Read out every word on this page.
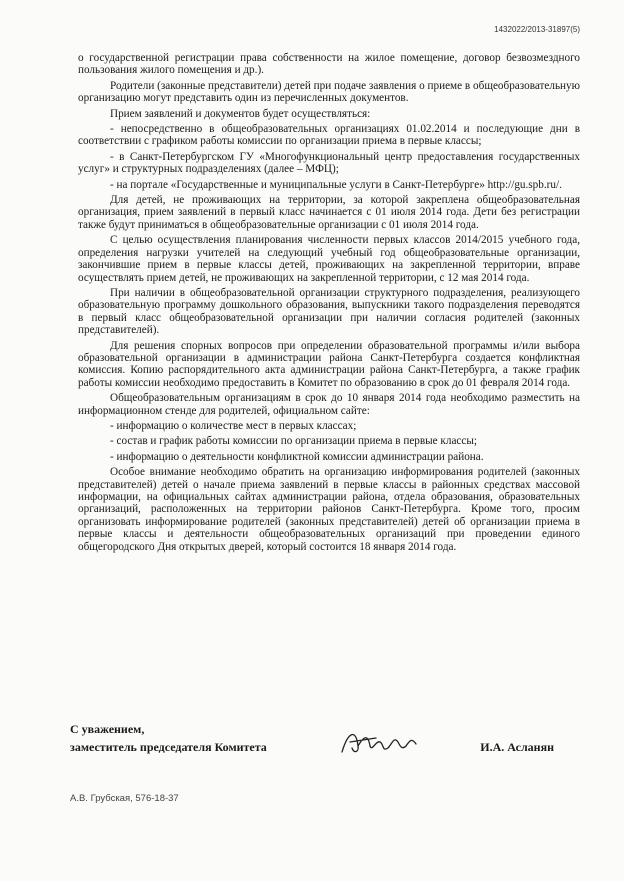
1432022/2013-31897(5)

о государственной регистрации права собственности на жилое помещение, договор безвозмездного пользования жилого помещения и др.).

Родители (законные представители) детей при подаче заявления о приеме в общеобразовательную организацию могут представить один из перечисленных документов.

Прием заявлений и документов будет осуществляться:

- непосредственно в общеобразовательных организациях 01.02.2014 и последующие дни в соответствии с графиком работы комиссии по организации приема в первые классы;

- в Санкт-Петербургском ГУ «Многофункциональный центр предоставления государственных услуг» и структурных подразделениях (далее – МФЦ);

- на портале «Государственные и муниципальные услуги в Санкт-Петербурге» http://gu.spb.ru/.

Для детей, не проживающих на территории, за которой закреплена общеобразовательная организация, прием заявлений в первый класс начинается с 01 июля 2014 года. Дети без регистрации также будут приниматься в общеобразовательные организации с 01 июля 2014 года.

С целью осуществления планирования численности первых классов 2014/2015 учебного года, определения нагрузки учителей на следующий учебный год общеобразовательные организации, закончившие прием в первые классы детей, проживающих на закрепленной территории, вправе осуществлять прием детей, не проживающих на закрепленной территории, с 12 мая 2014 года.

При наличии в общеобразовательной организации структурного подразделения, реализующего образовательную программу дошкольного образования, выпускники такого подразделения переводятся в первый класс общеобразовательной организации при наличии согласия родителей (законных представителей).

Для решения спорных вопросов при определении образовательной программы и/или выбора образовательной организации в администрации района Санкт-Петербурга создается конфликтная комиссия. Копию распорядительного акта администрации района Санкт-Петербурга, а также график работы комиссии необходимо предоставить в Комитет по образованию в срок до 01 февраля 2014 года.

Общеобразовательным организациям в срок до 10 января 2014 года необходимо разместить на информационном стенде для родителей, официальном сайте:

- информацию о количестве мест в первых классах;

- состав и график работы комиссии по организации приема в первые классы;

- информацию о деятельности конфликтной комиссии администрации района.

Особое внимание необходимо обратить на организацию информирования родителей (законных представителей) детей о начале приема заявлений в первые классы в районных средствах массовой информации, на официальных сайтах администрации района, отдела образования, образовательных организаций, расположенных на территории районов Санкт-Петербурга. Кроме того, просим организовать информирование родителей (законных представителей) детей об организации приема в первые классы и деятельности общеобразовательных организаций при проведении единого общегородского Дня открытых дверей, который состоится 18 января 2014 года.

С уважением,
заместитель председателя Комитета	И.А. Асланян
А.В. Грубская, 576-18-37
